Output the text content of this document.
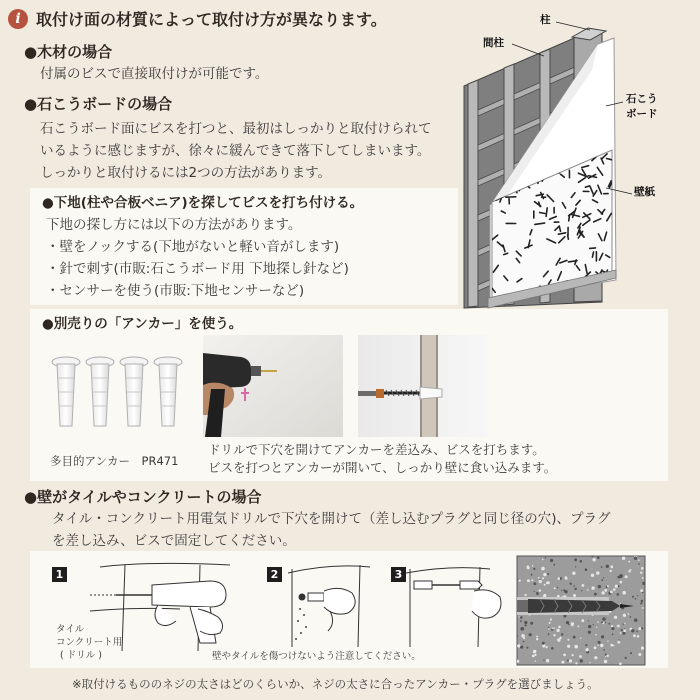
i 取付け面の材質によって取付け方が異なります。
●木材の場合
付属のビスで直接取付けが可能です。
●石こうボードの場合
石こうボード面にビスを打つと、最初はしっかりと取付けられて
いるように感じますが、徐々に緩んできて落下してしまいます。
しっかりと取付けるには2つの方法があります。
柱
間柱
石こう
ボード
壁紙
●下地(柱や合板ベニア)を探してビスを打ち付ける。
下地の探し方には以下の方法があります。
・壁をノックする(下地がないと軽い音がします)
・針で刺す(市販:石こうボード用 下地探し針など)
・センサーを使う(市販:下地センサーなど)
●別売りの「アンカー」を使う。
多目的アンカー　PR471
ドリルで下穴を開けてアンカーを差込み、ビスを打ちます。
ビスを打つとアンカーが開いて、しっかり壁に食い込みます。
●壁がタイルやコンクリートの場合
タイル・コンクリート用電気ドリルで下穴を開けて（差し込むプラグと同じ径の穴)、プラグ
を差し込み、ビスで固定してください。
1	2	3
タイル
コンクリート用
( ドリル )	壁やタイルを傷つけないよう注意してください。
※取付けるもののネジの太さはどのくらいか、ネジの太さに合ったアンカー・プラグを選びましょう。
